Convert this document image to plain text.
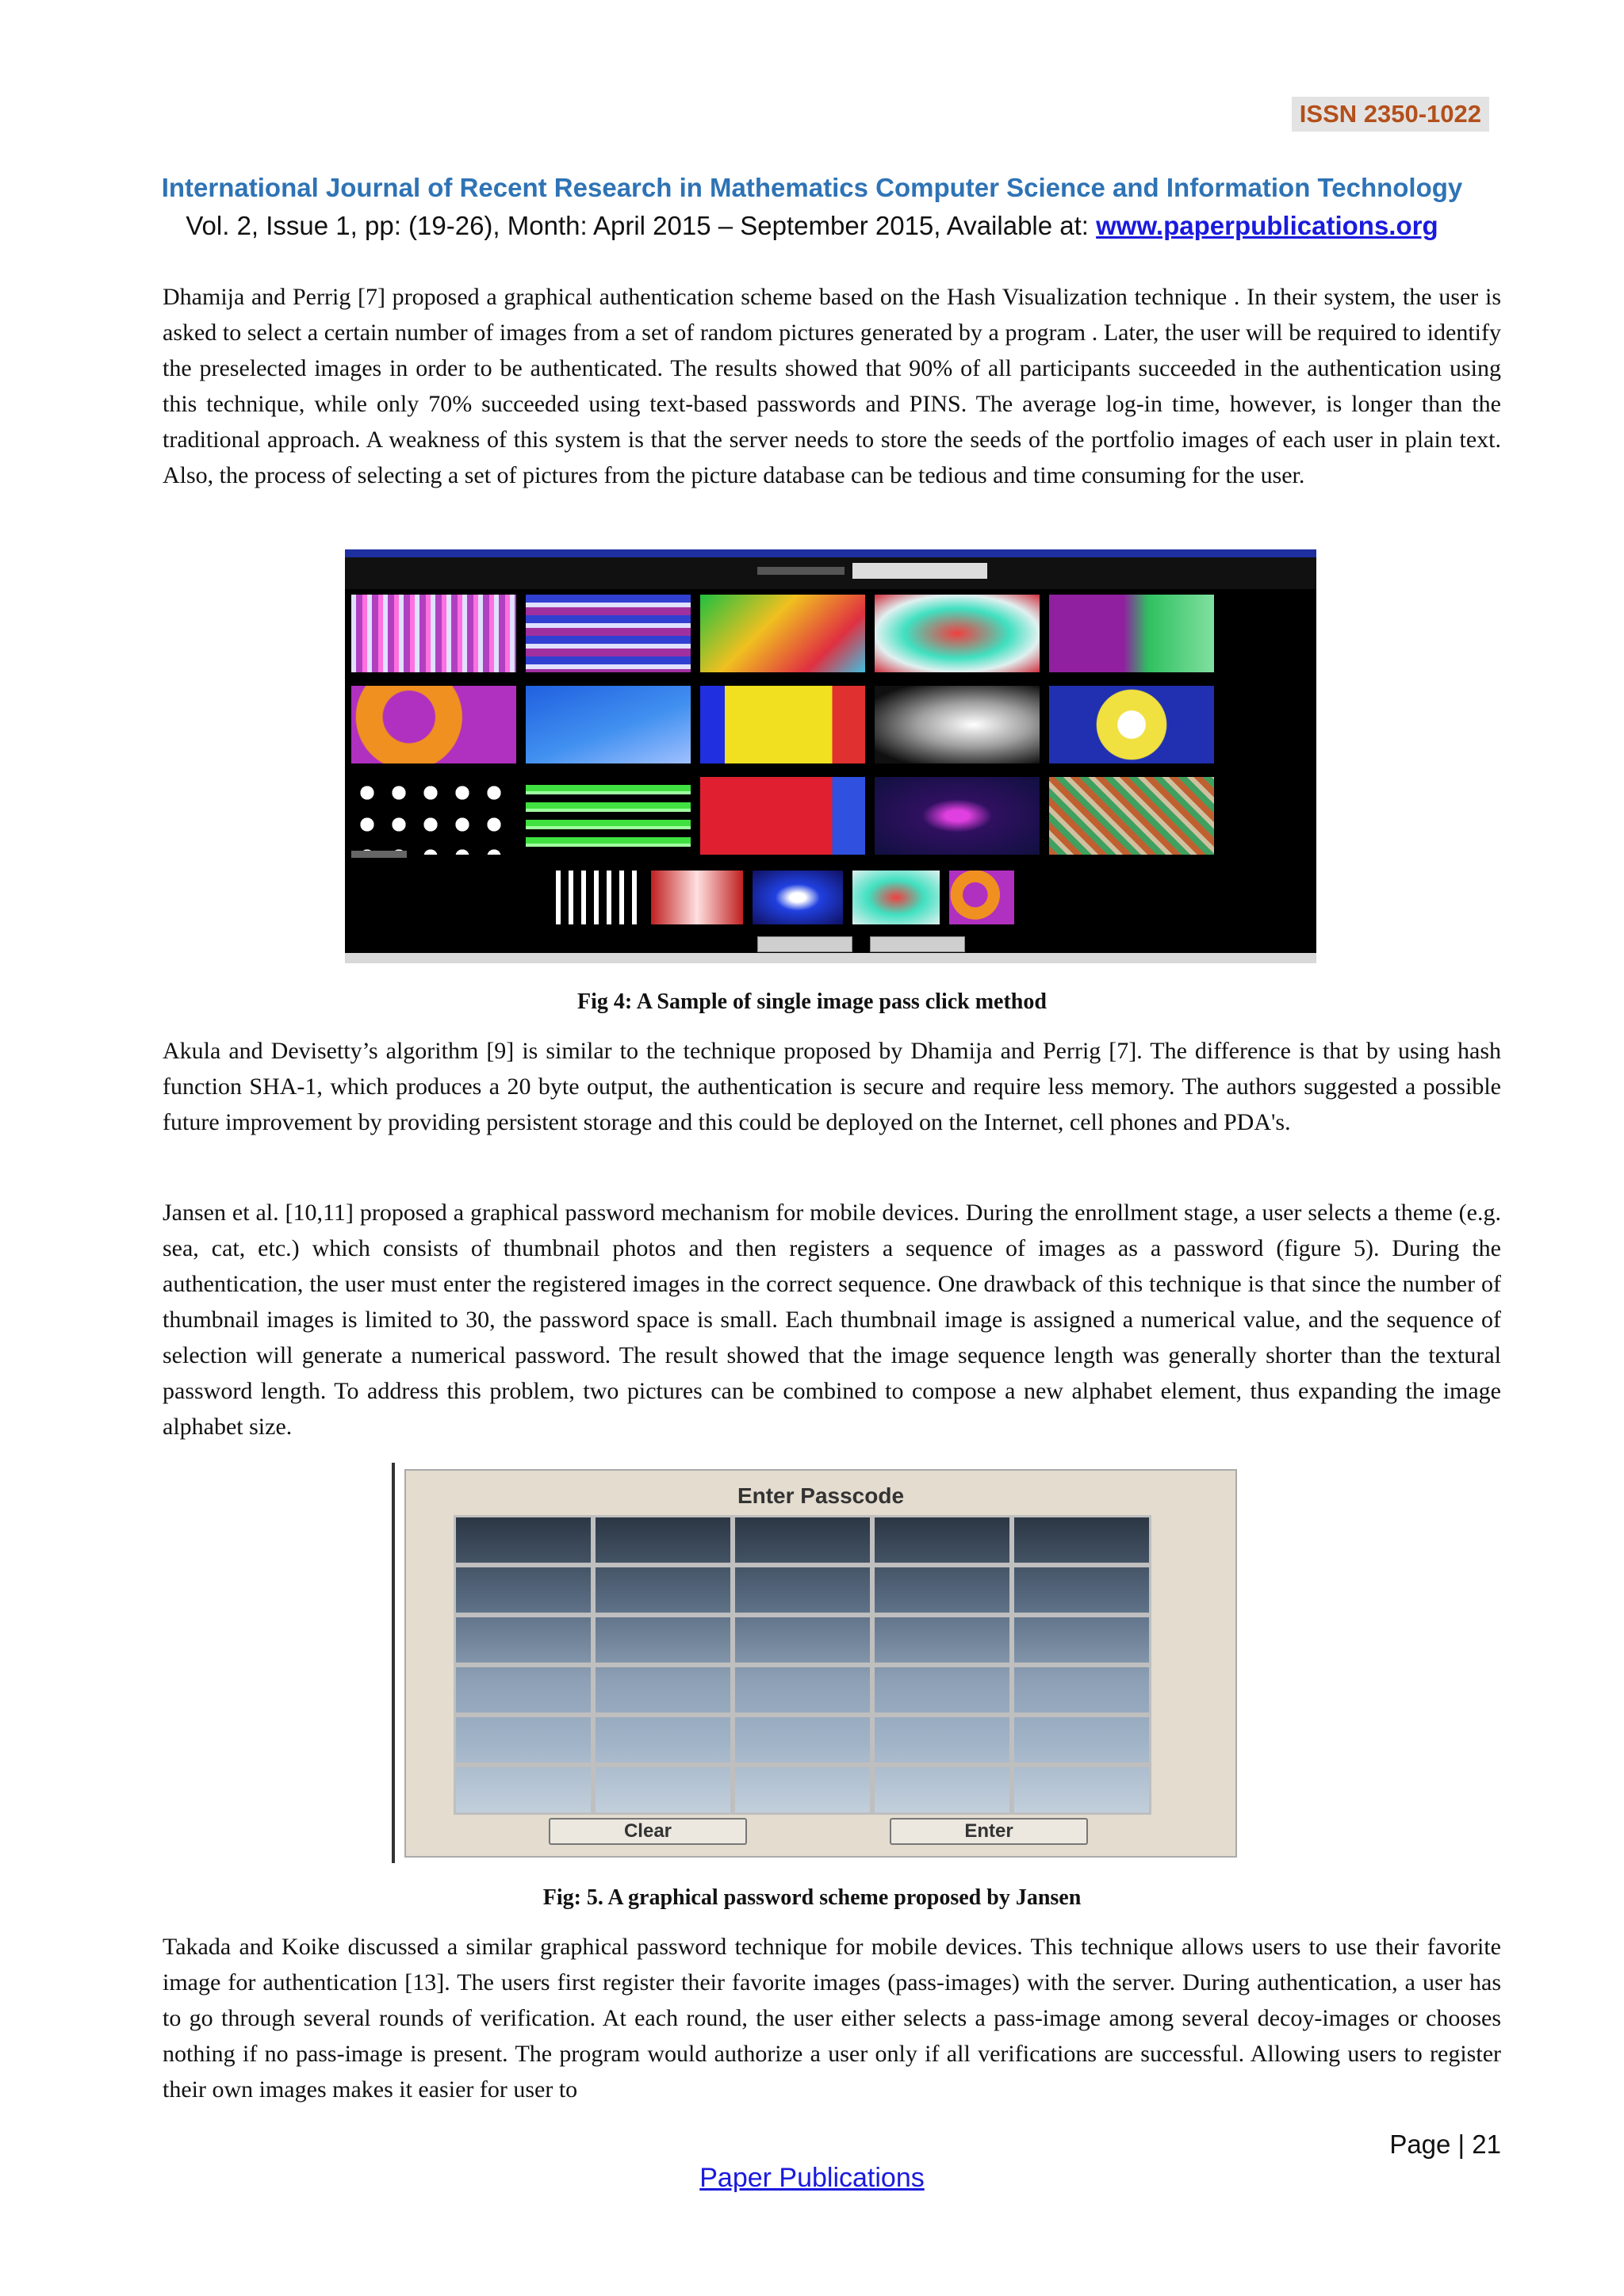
ISSN 2350-1022
International Journal of Recent Research in Mathematics Computer Science and Information Technology
Vol. 2, Issue 1, pp: (19-26), Month: April 2015 – September 2015, Available at: www.paperpublications.org

Dhamija and Perrig [7] proposed a graphical authentication scheme based on the Hash Visualization technique . In their system, the user is asked to select a certain number of images from a set of random pictures generated by a program . Later, the user will be required to identify the preselected images in order to be authenticated. The results showed that 90% of all participants succeeded in the authentication using this technique, while only 70% succeeded using text-based passwords and PINS. The average log-in time, however, is longer than the traditional approach. A weakness of this system is that the server needs to store the seeds of the portfolio images of each user in plain text. Also, the process of selecting a set of pictures from the picture database can be tedious and time consuming for the user.

Fig 4: A Sample of single image pass click method

Akula and Devisetty’s algorithm [9] is similar to the technique proposed by Dhamija and Perrig [7]. The difference is that by using hash function SHA-1, which produces a 20 byte output, the authentication is secure and require less memory. The authors suggested a possible future improvement by providing persistent storage and this could be deployed on the Internet, cell phones and PDA's.

Jansen et al. [10,11] proposed a graphical password mechanism for mobile devices. During the enrollment stage, a user selects a theme (e.g. sea, cat, etc.) which consists of thumbnail photos and then registers a sequence of images as a password (figure 5). During the authentication, the user must enter the registered images in the correct sequence. One drawback of this technique is that since the number of thumbnail images is limited to 30, the password space is small. Each thumbnail image is assigned a numerical value, and the sequence of selection will generate a numerical password. The result showed that the image sequence length was generally shorter than the textural password length. To address this problem, two pictures can be combined to compose a new alphabet element, thus expanding the image alphabet size.

Enter Passcode
Clear	Enter
Fig: 5. A graphical password scheme proposed by Jansen

Takada and Koike discussed a similar graphical password technique for mobile devices. This technique allows users to use their favorite image for authentication [13]. The users first register their favorite images (pass-images) with the server. During authentication, a user has to go through several rounds of verification. At each round, the user either selects a pass-image among several decoy-images or chooses nothing if no pass-image is present. The program would authorize a user only if all verifications are successful. Allowing users to register their own images makes it easier for user to

Page | 21
Paper Publications
